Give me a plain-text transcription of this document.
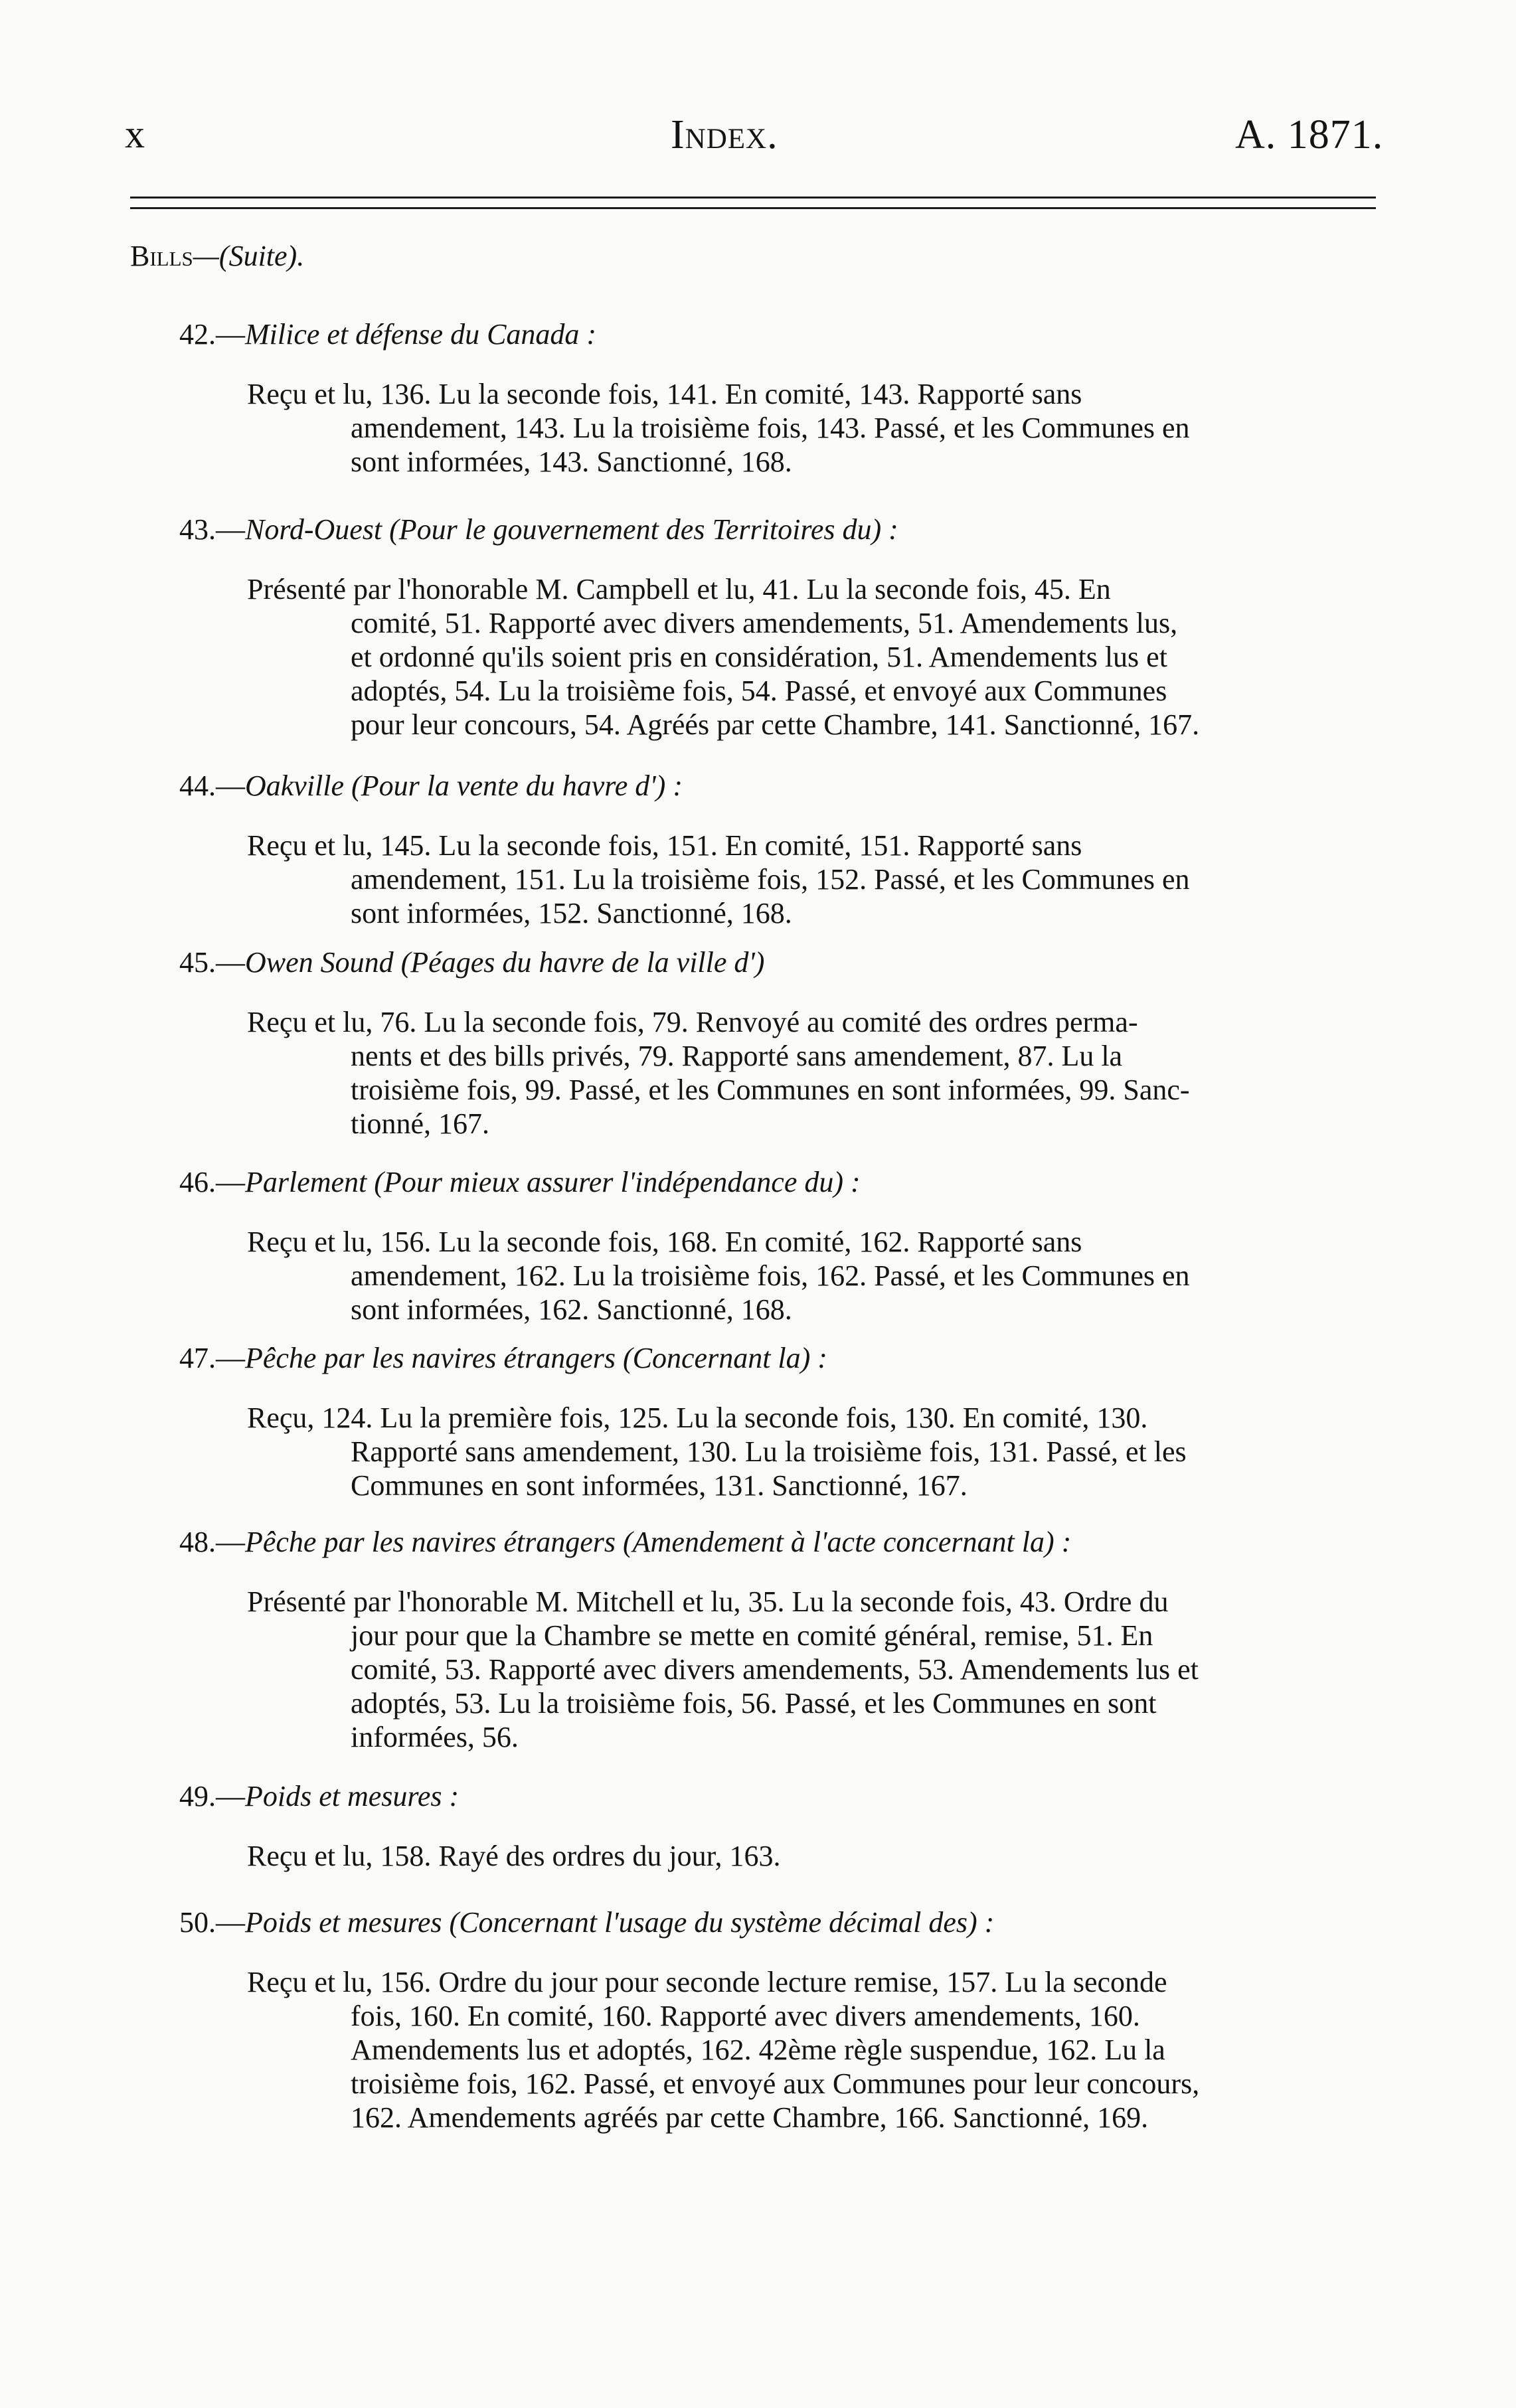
x	Index.	A. 1871.
Bills—(Suite).
42.—Milice et défense du Canada :
Reçu et lu, 136. Lu la seconde fois, 141. En comité, 143. Rapporté sans
amendement, 143. Lu la troisième fois, 143. Passé, et les Communes en
sont informées, 143. Sanctionné, 168.
43.—Nord-Ouest (Pour le gouvernement des Territoires du) :
Présenté par l'honorable M. Campbell et lu, 41. Lu la seconde fois, 45. En
comité, 51. Rapporté avec divers amendements, 51. Amendements lus,
et ordonné qu'ils soient pris en considération, 51. Amendements lus et
adoptés, 54. Lu la troisième fois, 54. Passé, et envoyé aux Communes
pour leur concours, 54. Agréés par cette Chambre, 141. Sanctionné, 167.
44.—Oakville (Pour la vente du havre d') :
Reçu et lu, 145. Lu la seconde fois, 151. En comité, 151. Rapporté sans
amendement, 151. Lu la troisième fois, 152. Passé, et les Communes en
sont informées, 152. Sanctionné, 168.
45.—Owen Sound (Péages du havre de la ville d')
Reçu et lu, 76. Lu la seconde fois, 79. Renvoyé au comité des ordres perma-
nents et des bills privés, 79. Rapporté sans amendement, 87. Lu la
troisième fois, 99. Passé, et les Communes en sont informées, 99. Sanc-
tionné, 167.
46.—Parlement (Pour mieux assurer l'indépendance du) :
Reçu et lu, 156. Lu la seconde fois, 168. En comité, 162. Rapporté sans
amendement, 162. Lu la troisième fois, 162. Passé, et les Communes en
sont informées, 162. Sanctionné, 168.
47.—Pêche par les navires étrangers (Concernant la) :
Reçu, 124. Lu la première fois, 125. Lu la seconde fois, 130. En comité, 130.
Rapporté sans amendement, 130. Lu la troisième fois, 131. Passé, et les
Communes en sont informées, 131. Sanctionné, 167.
48.—Pêche par les navires étrangers (Amendement à l'acte concernant la) :
Présenté par l'honorable M. Mitchell et lu, 35. Lu la seconde fois, 43. Ordre du
jour pour que la Chambre se mette en comité général, remise, 51. En
comité, 53. Rapporté avec divers amendements, 53. Amendements lus et
adoptés, 53. Lu la troisième fois, 56. Passé, et les Communes en sont
informées, 56.
49.—Poids et mesures :
Reçu et lu, 158. Rayé des ordres du jour, 163.
50.—Poids et mesures (Concernant l'usage du système décimal des) :
Reçu et lu, 156. Ordre du jour pour seconde lecture remise, 157. Lu la seconde
fois, 160. En comité, 160. Rapporté avec divers amendements, 160.
Amendements lus et adoptés, 162. 42ème règle suspendue, 162. Lu la
troisième fois, 162. Passé, et envoyé aux Communes pour leur concours,
162. Amendements agréés par cette Chambre, 166. Sanctionné, 169.
